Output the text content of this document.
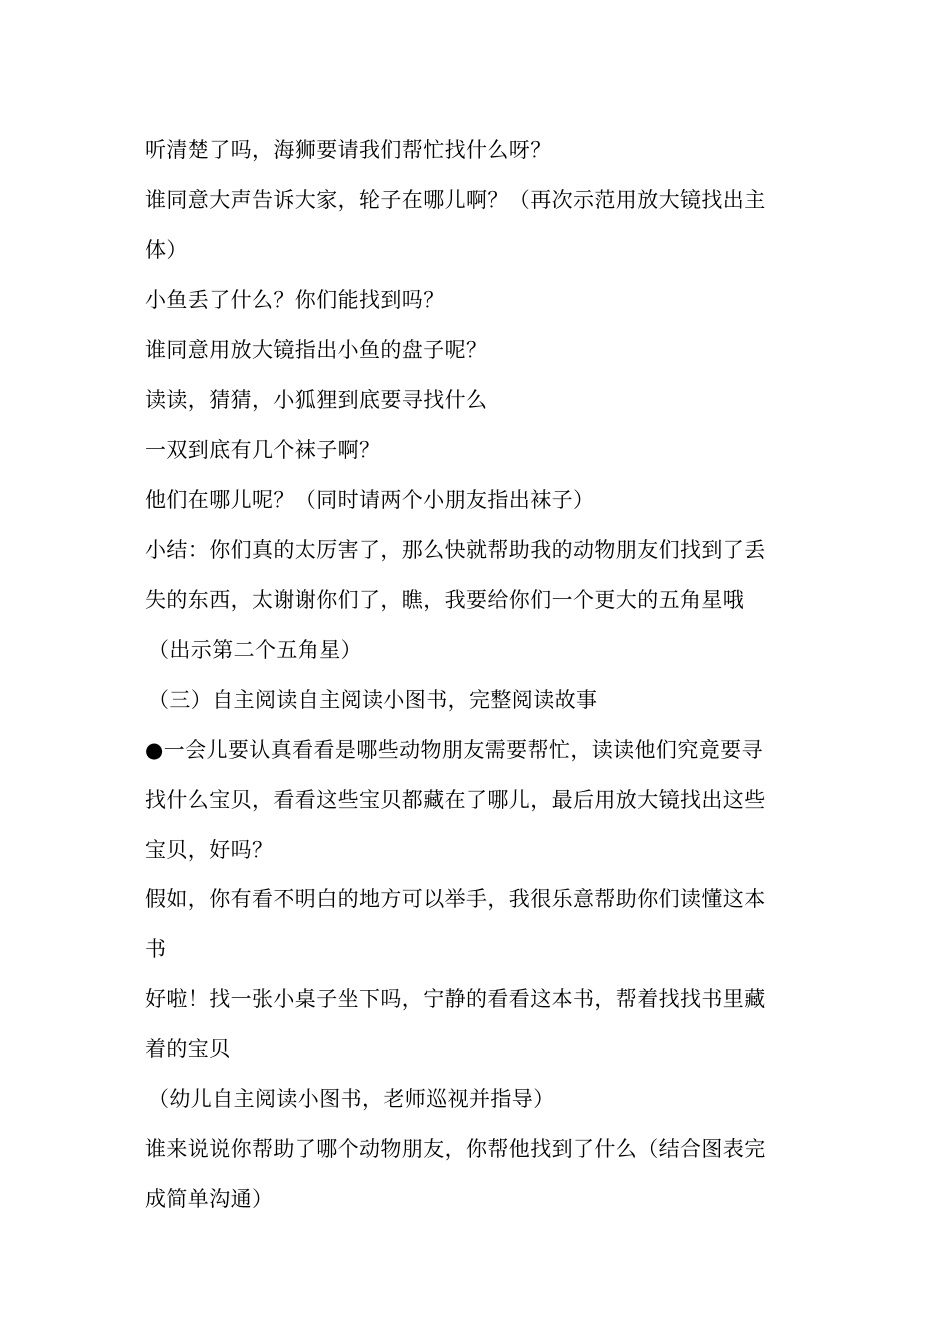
听清楚了吗，海狮要请我们帮忙找什么呀？
谁同意大声告诉大家，轮子在哪儿啊？（再次示范用放大镜找出主
体）
小鱼丢了什么？你们能找到吗？
谁同意用放大镜指出小鱼的盘子呢？
读读，猜猜，小狐狸到底要寻找什么
一双到底有几个袜子啊？
他们在哪儿呢？（同时请两个小朋友指出袜子）
小结：你们真的太厉害了，那么快就帮助我的动物朋友们找到了丢
失的东西，太谢谢你们了，瞧，我要给你们一个更大的五角星哦
（出示第二个五角星）
（三）自主阅读自主阅读小图书，完整阅读故事
●一会儿要认真看看是哪些动物朋友需要帮忙，读读他们究竟要寻
找什么宝贝，看看这些宝贝都藏在了哪儿，最后用放大镜找出这些
宝贝，好吗？
假如，你有看不明白的地方可以举手，我很乐意帮助你们读懂这本
书
好啦！找一张小桌子坐下吗，宁静的看看这本书，帮着找找书里藏
着的宝贝
（幼儿自主阅读小图书，老师巡视并指导）
谁来说说你帮助了哪个动物朋友，你帮他找到了什么（结合图表完
成简单沟通）
